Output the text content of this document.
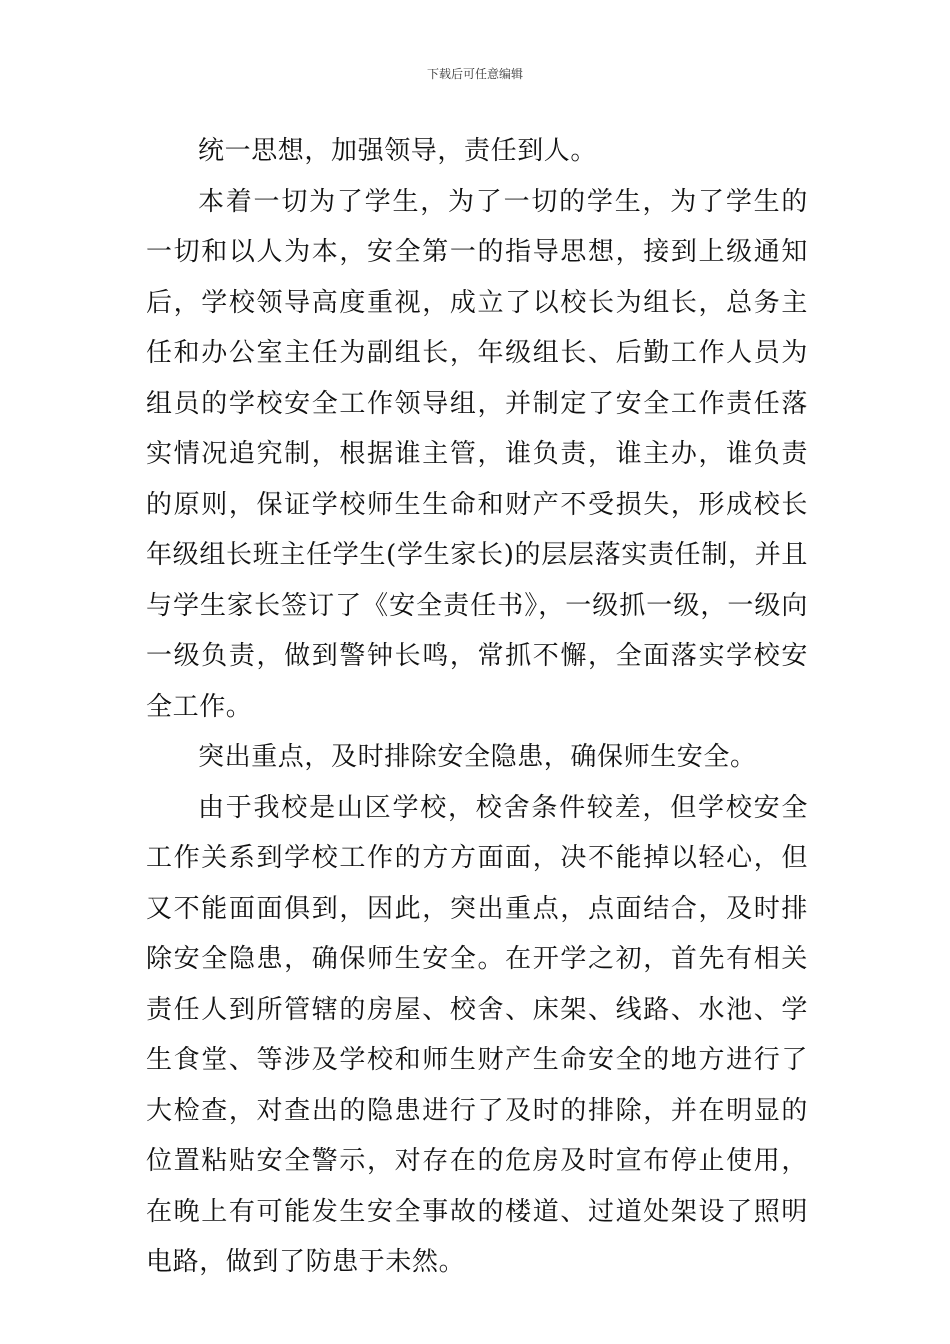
下载后可任意编辑

统一思想，加强领导，责任到人。

本着一切为了学生，为了一切的学生，为了学生的一切和以人为本，安全第一的指导思想，接到上级通知后，学校领导高度重视，成立了以校长为组长，总务主任和办公室主任为副组长，年级组长、后勤工作人员为组员的学校安全工作领导组，并制定了安全工作责任落实情况追究制，根据谁主管，谁负责，谁主办，谁负责的原则，保证学校师生生命和财产不受损失，形成校长年级组长班主任学生(学生家长)的层层落实责任制，并且与学生家长签订了《安全责任书》，一级抓一级，一级向一级负责，做到警钟长鸣，常抓不懈，全面落实学校安全工作。

突出重点，及时排除安全隐患，确保师生安全。

由于我校是山区学校，校舍条件较差，但学校安全工作关系到学校工作的方方面面，决不能掉以轻心，但又不能面面俱到，因此，突出重点，点面结合，及时排除安全隐患，确保师生安全。在开学之初，首先有相关责任人到所管辖的房屋、校舍、床架、线路、水池、学生食堂、等涉及学校和师生财产生命安全的地方进行了大检查，对查出的隐患进行了及时的排除，并在明显的位置粘贴安全警示，对存在的危房及时宣布停止使用，在晚上有可能发生安全事故的楼道、过道处架设了照明电路，做到了防患于未然。
